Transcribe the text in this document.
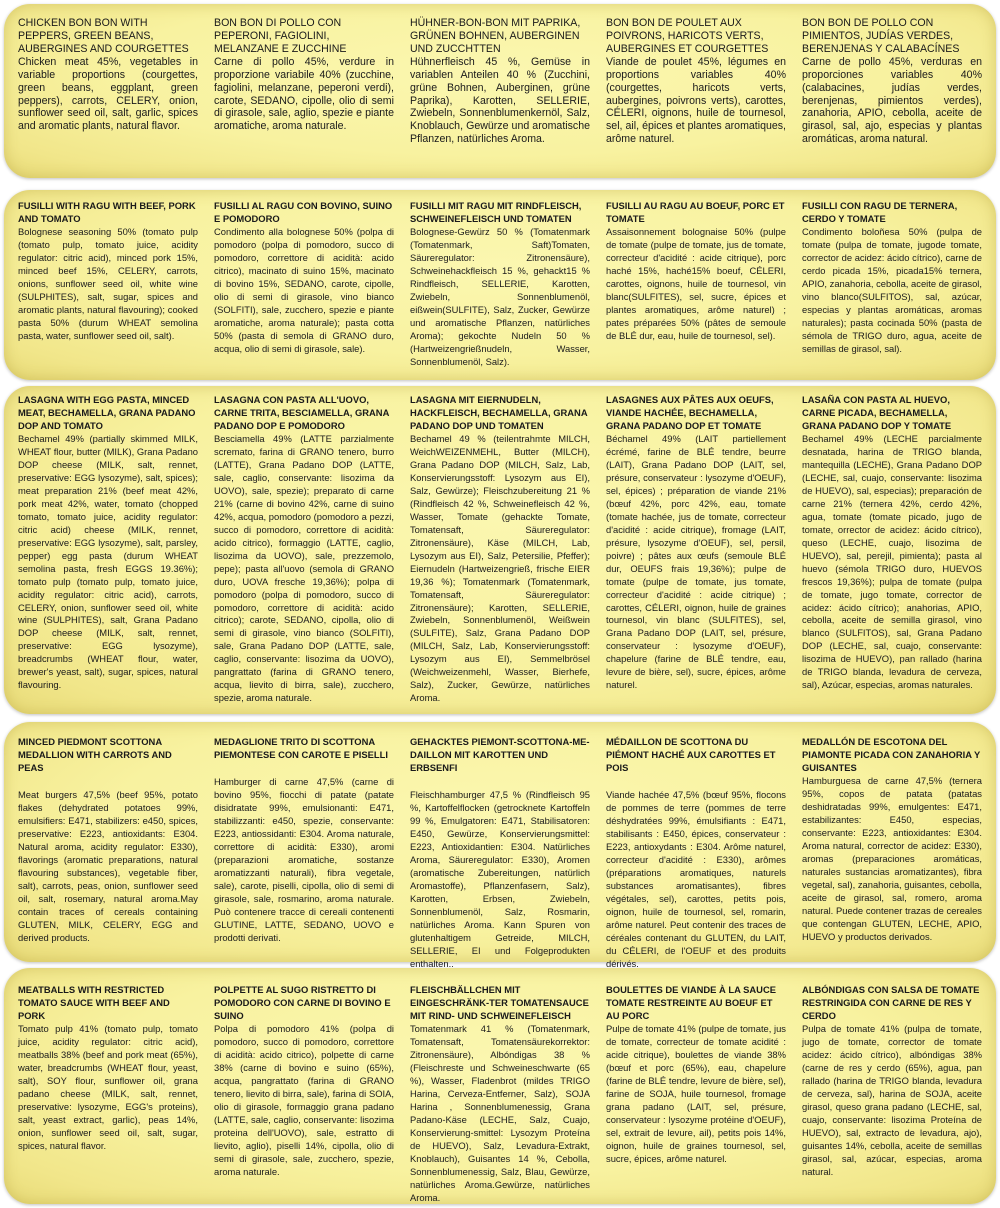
CHICKEN BON BON WITH PEPPERS, GREEN BEANS, AUBERGINES AND COURGETTES

Chicken meat 45%, vegetables in variable proportions (courgettes, green beans, eggplant, green peppers), carrots, CELERY, onion, sunflower seed oil, salt, garlic, spices and aromatic plants, natural flavor.

BON BON DI POLLO CON PEPERONI, FAGIOLINI, MELANZANE E ZUCCHINE

Carne di pollo 45%, verdure in proporzione variabile 40% (zucchine, fagiolini, melanzane, peperoni verdi), carote, SEDANO, cipolle, olio di semi di girasole, sale, aglio, spezie e piante aromatiche, aroma naturale.

HÜHNER-BON-BON MIT PAPRIKA, GRÜNEN BOHNEN, AUBERGINEN UND ZUCCHTTEN

Hühnerfleisch 45 %, Gemüse in variablen Anteilen 40 % (Zucchini, grüne Bohnen, Auberginen, grüne Paprika), Karotten, SELLERIE, Zwiebeln, Sonnenblumenkernöl, Salz, Knoblauch, Gewürze und aromatische Pflanzen, natürliches Aroma.

BON BON DE POULET AUX POIVRONS, HARICOTS VERTS, AUBERGINES ET COURGETTES

Viande de poulet 45%, légumes en proportions variables 40% (courgettes, haricots verts, aubergines, poivrons verts), carottes, CÉLERI, oignons, huile de tournesol, sel, ail, épices et plantes aromatiques, arôme naturel.

BON BON DE POLLO CON PIMIENTOS, JUDÍAS VERDES, BERENJENAS Y CALABACÍNES

Carne de pollo 45%, verduras en proporciones variables 40% (calabacines, judías verdes, berenjenas, pimientos verdes), zanahoria, APIO, cebolla, aceite de girasol, sal, ajo, especias y plantas aromáticas, aroma natural.

FUSILLI WITH RAGU WITH BEEF, PORK AND TOMATO

Bolognese seasoning 50% (tomato pulp (tomato pulp, tomato juice, acidity regulator: citric acid), minced pork 15%, minced beef 15%, CELERY, carrots, onions, sunflower seed oil, white wine (SULPHITES), salt, sugar, spices and aromatic plants, natural flavouring); cooked pasta 50% (durum WHEAT semolina pasta, water, sunflower seed oil, salt).

FUSILLI AL RAGU CON BOVINO, SUINO E POMODORO

Condimento alla bolognese 50% (polpa di pomodoro (polpa di pomodoro, succo di pomodoro, correttore di acidità: acido citrico), macinato di suino 15%, macinato di bovino 15%, SEDANO, carote, cipolle, olio di semi di girasole, vino bianco (SOLFITI), sale, zucchero, spezie e piante aromatiche, aroma naturale); pasta cotta 50% (pasta di semola di GRANO duro, acqua, olio di semi di girasole, sale).

FUSILLI MIT RAGU MIT RINDFLEISCH, SCHWEINEFLEISCH UND TOMATEN

Bolognese-Gewürz 50 % (Tomatenmark (Tomatenmark, Saft)Tomaten, Säureregulator: Zitronensäure), Schweinehackfleisch 15 %, gehackt15 % Rindfleisch, SELLERIE, Karotten, Zwiebeln, Sonnenblumenöl, eißwein(SULFITE), Salz, Zucker, Gewürze und aromatische Pflanzen, natürliches Aroma); gekochte Nudeln 50 % (Hartweizengrießnudeln, Wasser, Sonnenblumenöl, Salz).

FUSILLI AU RAGU AU BOEUF, PORC ET TOMATE

Assaisonnement bolognaise 50% (pulpe de tomate (pulpe de tomate, jus de tomate, correcteur d'acidité : acide citrique), porc haché 15%, haché15% boeuf, CÉLERI, carottes, oignons, huile de tournesol, vin blanc(SULFITES), sel, sucre, épices et plantes aromatiques, arôme naturel) ; pates préparées 50% (pâtes de semoule de BLÉ dur, eau, huile de tournesol, sel).

FUSILLI CON RAGU DE TERNERA, CERDO Y TOMATE

Condimento boloñesa 50% (pulpa de tomate (pulpa de tomate, jugode tomate, corrector de acidez: ácido cítrico), carne de cerdo picada 15%, picada15% ternera, APIO, zanahoria, cebolla, aceite de girasol, vino blanco(SULFITOS), sal, azúcar, especias y plantas aromáticas, aromas naturales); pasta cocinada 50% (pasta de sémola de TRIGO duro, agua, aceite de semillas de girasol, sal).

LASAGNA WITH EGG PASTA, MINCED MEAT, BECHAMELLA, GRANA PADANO DOP AND TOMATO

Bechamel 49% (partially skimmed MILK, WHEAT flour, butter (MILK), Grana Padano DOP cheese (MILK, salt, rennet, preservative: EGG lysozyme), salt, spices); meat preparation 21% (beef meat 42%, pork meat 42%, water, tomato (chopped tomato, tomato juice, acidity regulator: citric acid) cheese (MILK, rennet, preservative: EGG lysozyme), salt, parsley, pepper) egg pasta (durum WHEAT semolina pasta, fresh EGGS 19.36%); tomato pulp (tomato pulp, tomato juice, acidity regulator: citric acid), carrots, CELERY, onion, sunflower seed oil, white wine (SULPHITES), salt, Grana Padano DOP cheese (MILK, salt, rennet, preservative: EGG lysozyme), breadcrumbs (WHEAT flour, water, brewer's yeast, salt), sugar, spices, natural flavouring.

LASAGNA CON PASTA ALL'UOVO, CARNE TRITA, BESCIAMELLA, GRANA PADANO DOP E POMODORO

Besciamella 49% (LATTE parzialmente scremato, farina di GRANO tenero, burro (LATTE), Grana Padano DOP (LATTE, sale, caglio, conservante: lisozima da UOVO), sale, spezie); preparato di carne 21% (carne di bovino 42%, carne di suino 42%, acqua, pomodoro (pomodoro a pezzi, succo di pomodoro, correttore di acidità: acido citrico), formaggio (LATTE, caglio, lisozima da UOVO), sale, prezzemolo, pepe); pasta all'uovo (semola di GRANO duro, UOVA fresche 19,36%); polpa di pomodoro (polpa di pomodoro, succo di pomodoro, correttore di acidità: acido citrico); carote, SEDANO, cipolla, olio di semi di girasole, vino bianco (SOLFITI), sale, Grana Padano DOP (LATTE, sale, caglio, conservante: lisozima da UOVO), pangrattato (farina di GRANO tenero, acqua, lievito di birra, sale), zucchero, spezie, aroma naturale.

LASAGNA MIT EIERNUDELN, HACKFLEISCH, BECHAMELLA, GRANA PADANO DOP UND TOMATEN

Bechamel 49 % (teilentrahmte MILCH, WeichWEIZENMEHL, Butter (MILCH), Grana Padano DOP (MILCH, Salz, Lab, Konservierungsstoff: Lysozym aus EI), Salz, Gewürze); Fleischzubereitung 21 % (Rindfleisch 42 %, Schweinefleisch 42 %, Wasser, Tomate (gehackte Tomate, Tomatensaft, Säureregulator: Zitronensäure), Käse (MILCH, Lab, Lysozym aus EI), Salz, Petersilie, Pfeffer); Eiernudeln (Hartweizengrieß, frische EIER 19,36 %); Tomatenmark (Tomatenmark, Tomatensaft, Säureregulator: Zitronensäure); Karotten, SELLERIE, Zwiebeln, Sonnenblumenöl, Weißwein (SULFITE), Salz, Grana Padano DOP (MILCH, Salz, Lab, Konservierungsstoff: Lysozym aus EI), Semmelbrösel (Weichweizenmehl, Wasser, Bierhefe, Salz), Zucker, Gewürze, natürliches Aroma.

LASAGNES AUX PÂTES AUX OEUFS, VIANDE HACHÉE, BECHAMELLA, GRANA PADANO DOP ET TOMATE

Béchamel 49% (LAIT partiellement écrémé, farine de BLÉ tendre, beurre (LAIT), Grana Padano DOP (LAIT, sel, présure, conservateur : lysozyme d'OEUF), sel, épices) ; préparation de viande 21% (bœuf 42%, porc 42%, eau, tomate (tomate hachée, jus de tomate, correcteur d'acidité : acide citrique), fromage (LAIT, présure, lysozyme d'OEUF), sel, persil, poivre) ; pâtes aux œufs (semoule BLÉ dur, OEUFS frais 19,36%); pulpe de tomate (pulpe de tomate, jus tomate, correcteur d'acidité : acide citrique) ; carottes, CÉLERI, oignon, huile de graines tournesol, vin blanc (SULFITES), sel, Grana Padano DOP (LAIT, sel, présure, conservateur : lysozyme d'OEUF), chapelure (farine de BLÉ tendre, eau, levure de bière, sel), sucre, épices, arôme naturel.

LASAÑA CON PASTA AL HUEVO, CARNE PICADA, BECHAMELLA, GRANA PADANO DOP Y TOMATE

Bechamel 49% (LECHE parcialmente desnatada, harina de TRIGO blanda, mantequilla (LECHE), Grana Padano DOP (LECHE, sal, cuajo, conservante: lisozima de HUEVO), sal, especias); preparación de carne 21% (ternera 42%, cerdo 42%, agua, tomate (tomate picado, jugo de tomate, orrector de acidez: ácido cítrico), queso (LECHE, cuajo, lisozima de HUEVO), sal, perejil, pimienta); pasta al huevo (sémola TRIGO duro, HUEVOS frescos 19,36%); pulpa de tomate (pulpa de tomate, jugo tomate, corrector de acidez: ácido cítrico); anahorias, APIO, cebolla, aceite de semilla girasol, vino blanco (SULFITOS), sal, Grana Padano DOP (LECHE, sal, cuajo, conservante: lisozima de HUEVO), pan rallado (harina de TRIGO blanda, levadura de cerveza, sal), Azúcar, especias, aromas naturales.

MINCED PIEDMONT SCOTTONA MEDALLION WITH CARROTS AND PEAS

Meat burgers 47,5% (beef 95%, potato flakes (dehydrated potatoes 99%, emulsifiers: E471, stabilizers: e450, spices, preservative: E223, antioxidants: E304. Natural aroma, acidity regulator: E330), flavorings (aromatic preparations, natural flavouring substances), vegetable fiber, salt), carrots, peas, onion, sunflower seed oil, salt, rosemary, natural aroma.May contain traces of cereals containing GLUTEN, MILK, CELERY, EGG and derived products.

MEDAGLIONE TRITO DI SCOTTONA PIEMONTESE CON CAROTE E PISELLI

Hamburger di carne 47,5% (carne di bovino 95%, fiocchi di patate (patate disidratate 99%, emulsionanti: E471, stabilizzanti: e450, spezie, conservante: E223, antiossidanti: E304. Aroma naturale, correttore di acidità: E330), aromi (preparazioni aromatiche, sostanze aromatizzanti naturali), fibra vegetale, sale), carote, piselli, cipolla, olio di semi di girasole, sale, rosmarino, aroma naturale. Può contenere tracce di cereali contenenti GLUTINE, LATTE, SEDANO, UOVO e prodotti derivati.

GEHACKTES PIEMONT-SCOTTONA-ME-DAILLON MIT KAROTTEN UND ERBSENFI

Fleischhamburger 47,5 % (Rindfleisch 95 %, Kartoffelflocken (getrocknete Kartoffeln 99 %, Emulgatoren: E471, Stabilisatoren: E450, Gewürze, Konservierungsmittel: E223, Antioxidantien: E304. Natürliches Aroma, Säureregulator: E330), Aromen (aromatische Zubereitungen, natürlich Aromastoffe), Pflanzenfasern, Salz), Karotten, Erbsen, Zwiebeln, Sonnenblumenöl, Salz, Rosmarin, natürliches Aroma. Kann Spuren von glutenhaltigem Getreide, MILCH, SELLERIE, EI und Folgeprodukten enthalten..

MÉDAILLON DE SCOTTONA DU PIÉMONT HACHÉ AUX CAROTTES ET POIS

Viande hachée 47,5% (bœuf 95%, flocons de pommes de terre (pommes de terre déshydratées 99%, émulsifiants : E471, stabilisants : E450, épices, conservateur : E223, antioxydants : E304. Arôme naturel, correcteur d'acidité : E330), arômes (préparations aromatiques, naturels substances aromatisantes), fibres végétales, sel), carottes, petits pois, oignon, huile de tournesol, sel, romarin, arôme naturel. Peut contenir des traces de céréales contenant du GLUTEN, du LAIT, du CÉLERI, de l'OEUF et des produits dérivés.

MEDALLÓN DE ESCOTONA DEL PIAMONTE PICADA CON ZANAHORIA Y GUISANTES

Hamburguesa de carne 47,5% (ternera 95%, copos de patata (patatas deshidratadas 99%, emulgentes: E471, estabilizantes: E450, especias, conservante: E223, antioxidantes: E304. Aroma natural, corrector de acidez: E330), aromas (preparaciones aromáticas, naturales sustancias aromatizantes), fibra vegetal, sal), zanahoria, guisantes, cebolla, aceite de girasol, sal, romero, aroma natural. Puede contener trazas de cereales que contengan GLUTEN, LECHE, APIO, HUEVO y productos derivados.

MEATBALLS WITH RESTRICTED TOMATO SAUCE WITH BEEF AND PORK

Tomato pulp 41% (tomato pulp, tomato juice, acidity regulator: citric acid), meatballs 38% (beef and pork meat (65%), water, breadcrumbs (WHEAT flour, yeast, salt), SOY flour, sunflower oil, grana padano cheese (MILK, salt, rennet, preservative: lysozyme, EGG's proteins), salt, yeast extract, garlic), peas 14%, onion, sunflower seed oil, salt, sugar, spices, natural flavor.

POLPETTE AL SUGO RISTRETTO DI POMODORO CON CARNE DI BOVINO E SUINO

Polpa di pomodoro 41% (polpa di pomodoro, succo di pomodoro, correttore di acidità: acido citrico), polpette di carne 38% (carne di bovino e suino (65%), acqua, pangrattato (farina di GRANO tenero, lievito di birra, sale), farina di SOIA, olio di girasole, formaggio grana padano (LATTE, sale, caglio, conservante: lisozima proteina dell'UOVO), sale, estratto di lievito, aglio), piselli 14%, cipolla, olio di semi di girasole, sale, zucchero, spezie, aroma naturale.

FLEISCHBÄLLCHEN MIT EINGESCHRÄNK-TER TOMATENSAUCE MIT RIND- UND SCHWEINEFLEISCH

Tomatenmark 41 % (Tomatenmark, Tomatensaft, Tomatensäurekorrektor: Zitronensäure), Albóndigas 38 % (Fleischreste und Schweineschwarte (65 %), Wasser, Fladenbrot (mildes TRIGO Harina, Cerveza-Entferner, Salz), SOJA Harina , Sonnenblumenessig, Grana Padano-Käse (LECHE, Salz, Cuajo, Konservierung-smittel: Lysozym Proteína de HUEVO), Salz, Levadura-Extrakt, Knoblauch), Guisantes 14 %, Cebolla, Sonnenblumenessig, Salz, Blau, Gewürze, natürliches Aroma.Gewürze, natürliches Aroma.

BOULETTES DE VIANDE À LA SAUCE TOMATE RESTREINTE AU BOEUF ET AU PORC

Pulpe de tomate 41% (pulpe de tomate, jus de tomate, correcteur de tomate acidité : acide citrique), boulettes de viande 38% (bœuf et porc (65%), eau, chapelure (farine de BLÉ tendre, levure de bière, sel), farine de SOJA, huile tournesol, fromage grana padano (LAIT, sel, présure, conservateur : lysozyme protéine d'OEUF), sel, extrait de levure, ail), petits pois 14%, oignon, huile de graines tournesol, sel, sucre, épices, arôme naturel.

ALBÓNDIGAS CON SALSA DE TOMATE RESTRINGIDA CON CARNE DE RES Y CERDO

Pulpa de tomate 41% (pulpa de tomate, jugo de tomate, corrector de tomate acidez: ácido cítrico), albóndigas 38% (carne de res y cerdo (65%), agua, pan rallado (harina de TRIGO blanda, levadura de cerveza, sal), harina de SOJA, aceite girasol, queso grana padano (LECHE, sal, cuajo, conservante: lisozima Proteína de HUEVO), sal, extracto de levadura, ajo), guisantes 14%, cebolla, aceite de semillas girasol, sal, azúcar, especias, aroma natural.
